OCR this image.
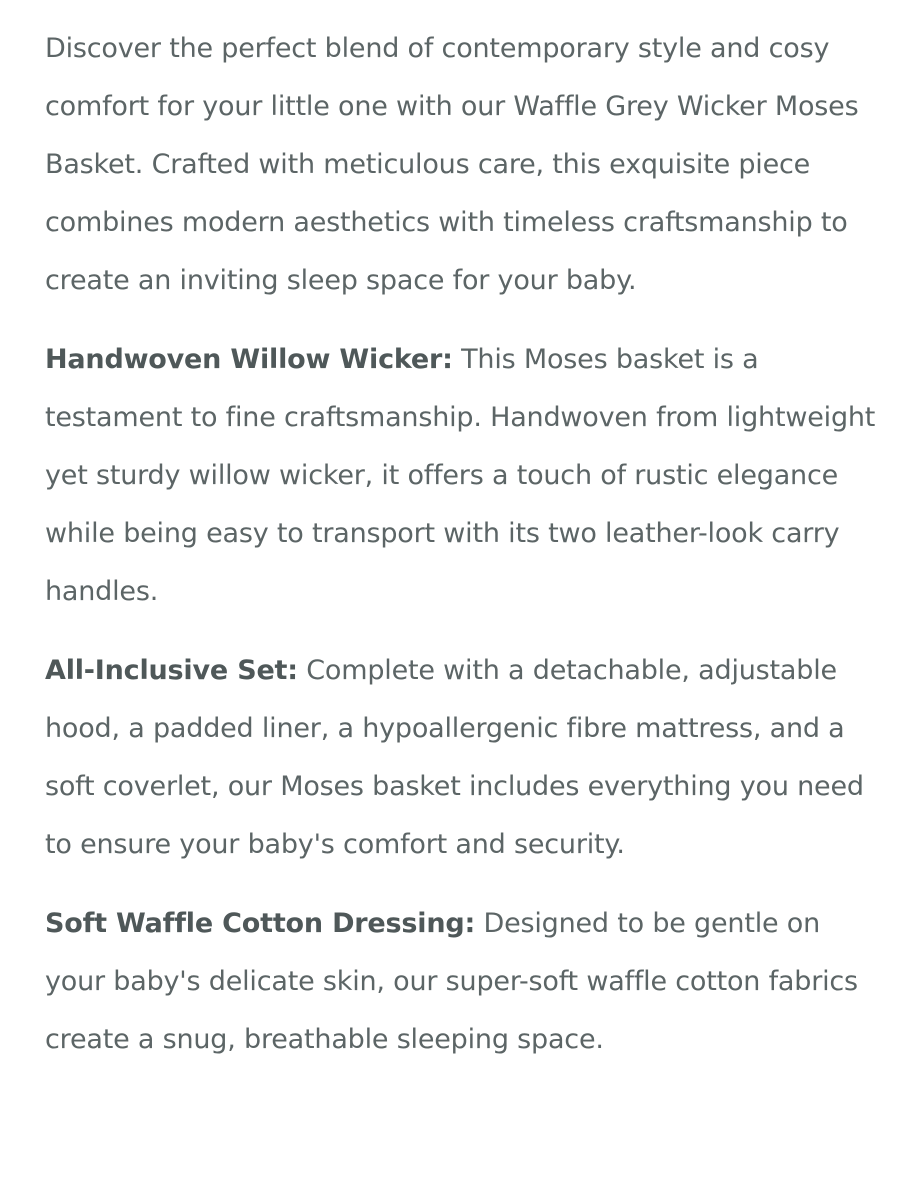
Discover the perfect blend of contemporary style and cosy comfort for your little one with our Waffle Grey Wicker Moses Basket. Crafted with meticulous care, this exquisite piece combines modern aesthetics with timeless craftsmanship to create an inviting sleep space for your baby.

Handwoven Willow Wicker: This Moses basket is a testament to fine craftsmanship. Handwoven from lightweight yet sturdy willow wicker, it offers a touch of rustic elegance while being easy to transport with its two leather-look carry handles.

All-Inclusive Set: Complete with a detachable, adjustable hood, a padded liner, a hypoallergenic fibre mattress, and a soft coverlet, our Moses basket includes everything you need to ensure your baby's comfort and security.

Soft Waffle Cotton Dressing: Designed to be gentle on your baby's delicate skin, our super-soft waffle cotton fabrics create a snug, breathable sleeping space.
